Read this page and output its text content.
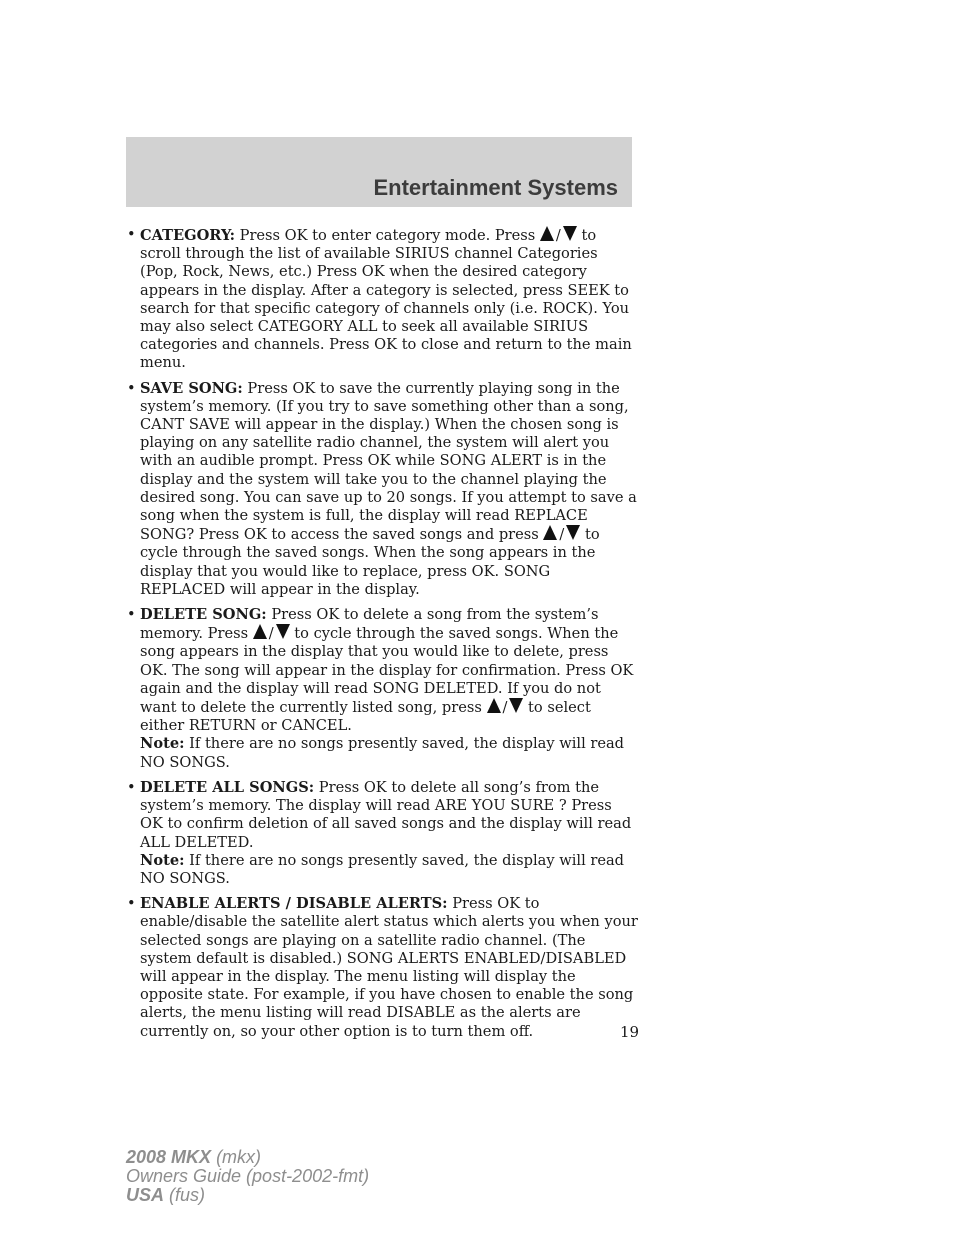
Entertainment Systems
• CATEGORY: Press OK to enter category mode. Press / to scroll through the list of available SIRIUS channel Categories (Pop, Rock, News, etc.) Press OK when the desired category appears in the display. After a category is selected, press SEEK to search for that specific category of channels only (i.e. ROCK). You may also select CATEGORY ALL to seek all available SIRIUS categories and channels. Press OK to close and return to the main menu.
• SAVE SONG: Press OK to save the currently playing song in the system’s memory. (If you try to save something other than a song, CANT SAVE will appear in the display.) When the chosen song is playing on any satellite radio channel, the system will alert you with an audible prompt. Press OK while SONG ALERT is in the display and the system will take you to the channel playing the desired song. You can save up to 20 songs. If you attempt to save a song when the system is full, the display will read REPLACE SONG? Press OK to access the saved songs and press / to cycle through the saved songs. When the song appears in the display that you would like to replace, press OK. SONG REPLACED will appear in the display.
• DELETE SONG: Press OK to delete a song from the system’s memory. Press / to cycle through the saved songs. When the song appears in the display that you would like to delete, press OK. The song will appear in the display for confirmation. Press OK again and the display will read SONG DELETED. If you do not want to delete the currently listed song, press / to select either RETURN or CANCEL.
Note: If there are no songs presently saved, the display will read NO SONGS.
• DELETE ALL SONGS: Press OK to delete all song’s from the system’s memory. The display will read ARE YOU SURE ? Press OK to confirm deletion of all saved songs and the display will read ALL DELETED.
Note: If there are no songs presently saved, the display will read NO SONGS.
• ENABLE ALERTS / DISABLE ALERTS: Press OK to enable/disable the satellite alert status which alerts you when your selected songs are playing on a satellite radio channel. (The system default is disabled.) SONG ALERTS ENABLED/DISABLED will appear in the display. The menu listing will display the opposite state. For example, if you have chosen to enable the song alerts, the menu listing will read DISABLE as the alerts are currently on, so your other option is to turn them off.	19
2008 MKX (mkx)
Owners Guide (post-2002-fmt)
USA (fus)
